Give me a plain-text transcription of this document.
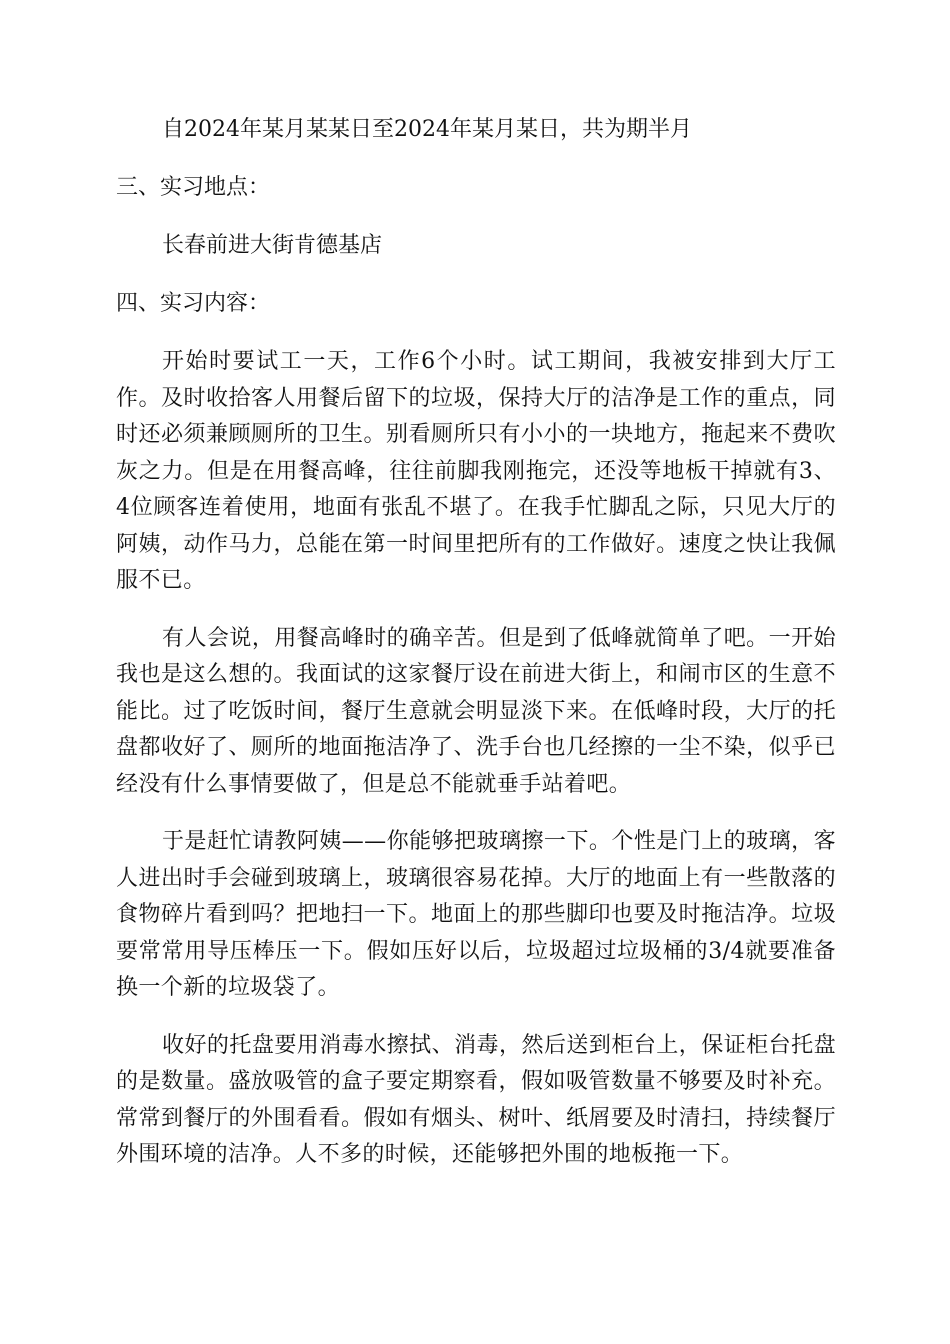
自2024年某月某某日至2024年某月某日，共为期半月
三、实习地点：
长春前进大街肯德基店
四、实习内容：

开始时要试工一天，工作6个小时。试工期间，我被安排到大厅工作。及时收拾客人用餐后留下的垃圾，保持大厅的洁净是工作的重点，同时还必须兼顾厕所的卫生。别看厕所只有小小的一块地方，拖起来不费吹灰之力。但是在用餐高峰，往往前脚我刚拖完，还没等地板干掉就有3、4位顾客连着使用，地面有张乱不堪了。在我手忙脚乱之际，只见大厅的阿姨，动作马力，总能在第一时间里把所有的工作做好。速度之快让我佩服不已。

有人会说，用餐高峰时的确辛苦。但是到了低峰就简单了吧。一开始我也是这么想的。我面试的这家餐厅设在前进大街上，和闹市区的生意不能比。过了吃饭时间，餐厅生意就会明显淡下来。在低峰时段，大厅的托盘都收好了、厕所的地面拖洁净了、洗手台也几经擦的一尘不染，似乎已经没有什么事情要做了，但是总不能就垂手站着吧。

于是赶忙请教阿姨——你能够把玻璃擦一下。个性是门上的玻璃，客人进出时手会碰到玻璃上，玻璃很容易花掉。大厅的地面上有一些散落的食物碎片看到吗？把地扫一下。地面上的那些脚印也要及时拖洁净。垃圾要常常用导压棒压一下。假如压好以后，垃圾超过垃圾桶的3/4就要准备换一个新的垃圾袋了。

收好的托盘要用消毒水擦拭、消毒，然后送到柜台上，保证柜台托盘的是数量。盛放吸管的盒子要定期察看，假如吸管数量不够要及时补充。常常到餐厅的外围看看。假如有烟头、树叶、纸屑要及时清扫，持续餐厅外围环境的洁净。人不多的时候，还能够把外围的地板拖一下。
